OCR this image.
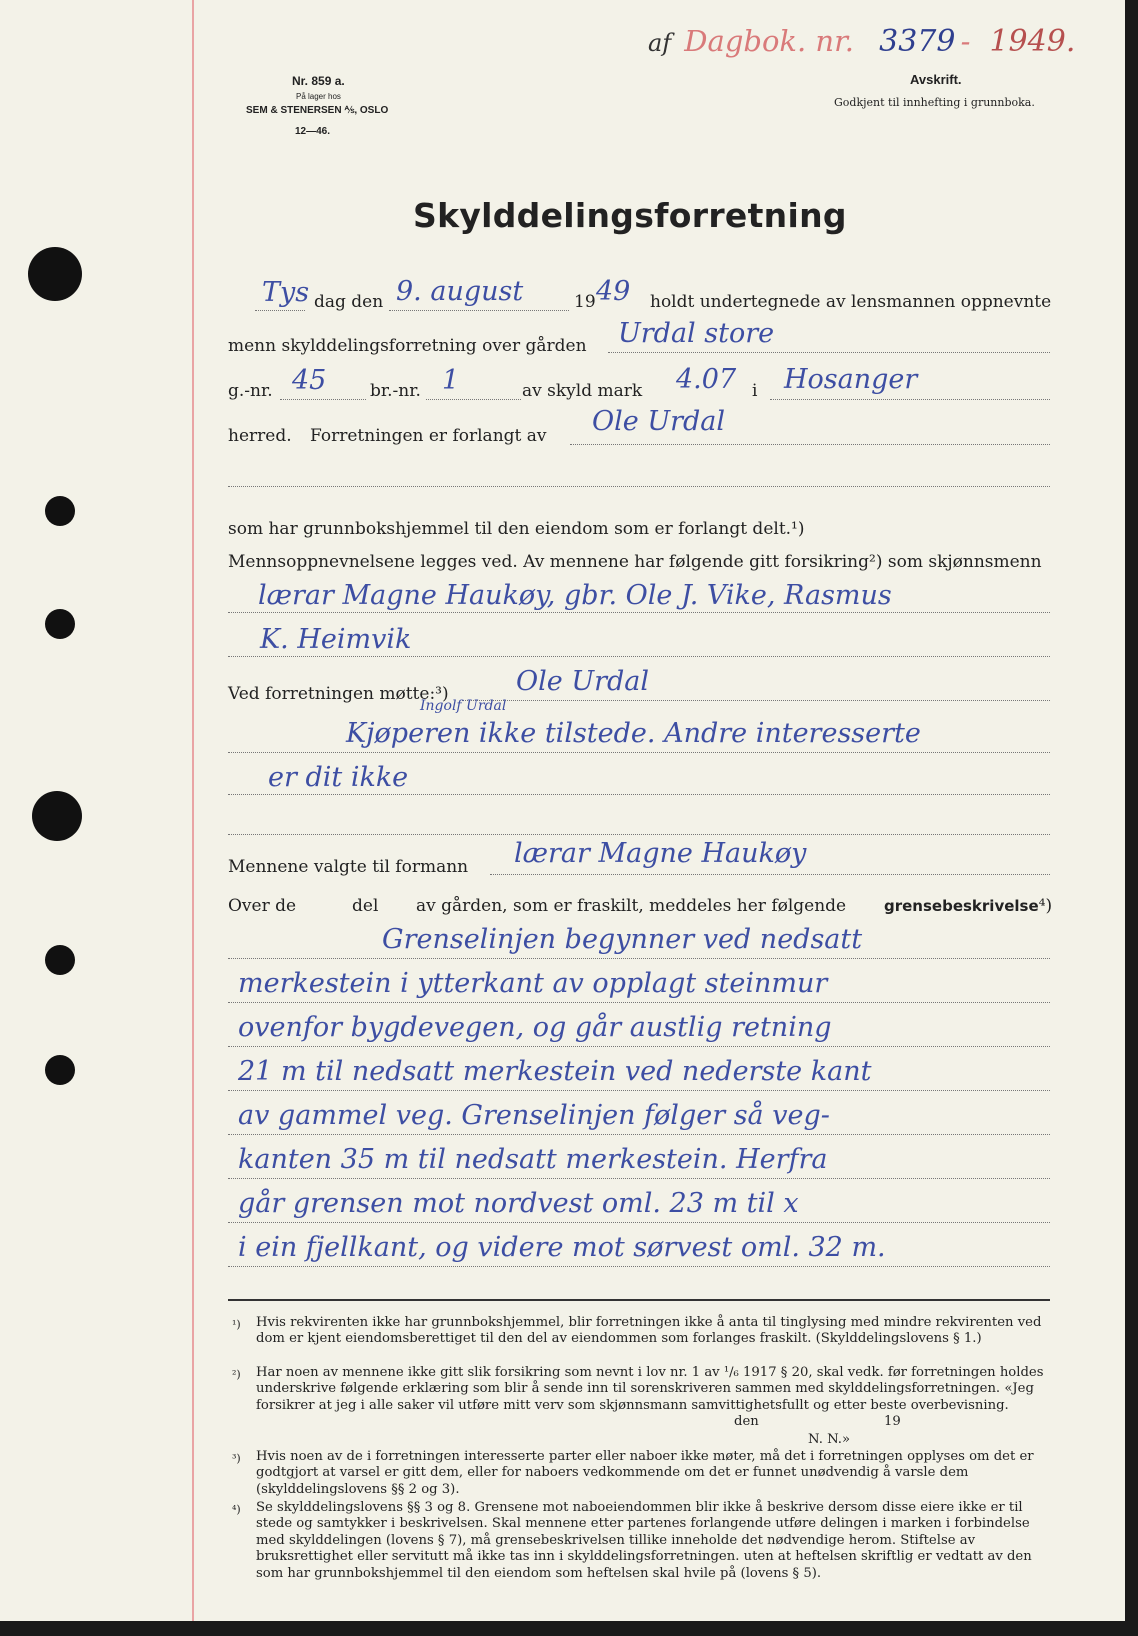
Nr. 859 a.
På lager hos
SEM & STENERSEN ⅍, OSLO
12—46.
af Dagbok. nr. 3379 - 1949.
Avskrift.
Godkjent til innhefting i grunnboka.
Skylddelingsforretning
Tys dag den 9. august	19 49 holdt undertegnede av lensmannen oppnevnte
menn skylddelingsforretning over gården Urdal store
g.-nr. 45	br.-nr. 1	av skyld mark 4.07 i Hosanger
herred. Forretningen er forlangt av Ole Urdal
som har grunnbokshjemmel til den eiendom som er forlangt delt.¹)
Mennsoppnevnelsene legges ved. Av mennene har følgende gitt forsikring²) som skjønnsmenn
lærar Magne Haukøy, gbr. Ole J. Vike, Rasmus
K. Heimvik
Ved forretningen møtte:³) Ole Urdal
Ingolf Urdal
Kjøperen ikke tilstede. Andre interesserte
er dit ikke
Mennene valgte til formann lærar Magne Haukøy
Over de	del av gården, som er fraskilt, meddeles her følgende	grensebeskrivelse⁴)
Grenselinjen begynner ved nedsatt
merkestein i ytterkant av opplagt steinmur
ovenfor bygdevegen, og går austlig retning
21 m til nedsatt merkestein ved nederste kant
av gammel veg. Grenselinjen følger så veg-
kanten 35 m til nedsatt merkestein. Herfra
går grensen mot nordvest oml. 23 m til x
i ein fjellkant, og videre mot sørvest oml. 32 m.
¹) Hvis rekvirenten ikke har grunnbokshjemmel, blir forretningen ikke å anta til tinglysing med mindre rekvirenten ved dom er kjent eiendomsberettiget til den del av eiendommen som forlanges fraskilt. (Skylddelingslovens § 1.)
²) Har noen av mennene ikke gitt slik forsikring som nevnt i lov nr. 1 av ¹/₆ 1917 § 20, skal vedk. før forretningen holdes underskrive følgende erklæring som blir å sende inn til sorenskriveren sammen med skylddelingsforretningen. «Jeg forsikrer at jeg i alle saker vil utføre mitt verv som skjønnsmann samvittighetsfullt og etter beste overbevisning.
den	19
N. N.»
³) Hvis noen av de i forretningen interesserte parter eller naboer ikke møter, må det i forretningen opplyses om det er godtgjort at varsel er gitt dem, eller for naboers vedkommende om det er funnet unødvendig å varsle dem (skylddelingslovens §§ 2 og 3).
⁴) Se skylddelingslovens §§ 3 og 8. Grensene mot naboeiendommen blir ikke å beskrive dersom disse eiere ikke er til stede og samtykker i beskrivelsen. Skal mennene etter partenes forlangende utføre delingen i marken i forbindelse med skylddelingen (lovens § 7), må grensebeskrivelsen tillike inneholde det nødvendige herom. Stiftelse av bruksrettighet eller servitutt må ikke tas inn i skylddelingsforretningen. uten at heftelsen skriftlig er vedtatt av den som har grunnbokshjemmel til den eiendom som heftelsen skal hvile på (lovens § 5).
